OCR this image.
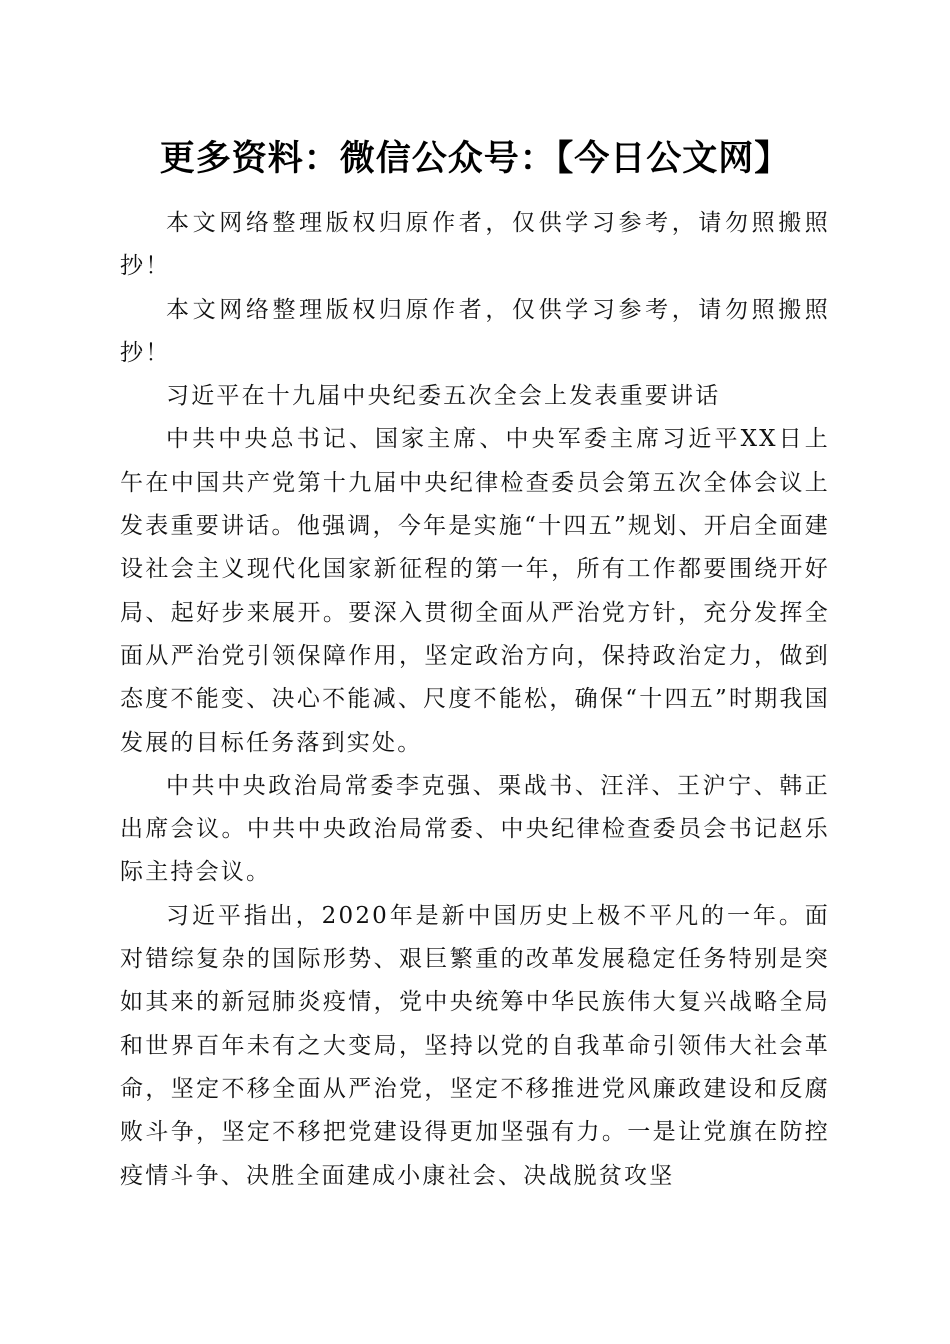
更多资料：微信公众号：【今日公文网】

本文网络整理版权归原作者，仅供学习参考，请勿照搬照抄！

本文网络整理版权归原作者，仅供学习参考，请勿照搬照抄！

习近平在十九届中央纪委五次全会上发表重要讲话

中共中央总书记、国家主席、中央军委主席习近平XX日上午在中国共产党第十九届中央纪律检查委员会第五次全体会议上发表重要讲话。他强调，今年是实施“十四五”规划、开启全面建设社会主义现代化国家新征程的第一年，所有工作都要围绕开好局、起好步来展开。要深入贯彻全面从严治党方针，充分发挥全面从严治党引领保障作用，坚定政治方向，保持政治定力，做到态度不能变、决心不能减、尺度不能松，确保“十四五”时期我国发展的目标任务落到实处。

中共中央政治局常委李克强、栗战书、汪洋、王沪宁、韩正出席会议。中共中央政治局常委、中央纪律检查委员会书记赵乐际主持会议。

习近平指出，2020年是新中国历史上极不平凡的一年。面对错综复杂的国际形势、艰巨繁重的改革发展稳定任务特别是突如其来的新冠肺炎疫情，党中央统筹中华民族伟大复兴战略全局和世界百年未有之大变局，坚持以党的自我革命引领伟大社会革命，坚定不移全面从严治党，坚定不移推进党风廉政建设和反腐败斗争，坚定不移把党建设得更加坚强有力。一是让党旗在防控疫情斗争、决胜全面建成小康社会、决战脱贫攻坚
